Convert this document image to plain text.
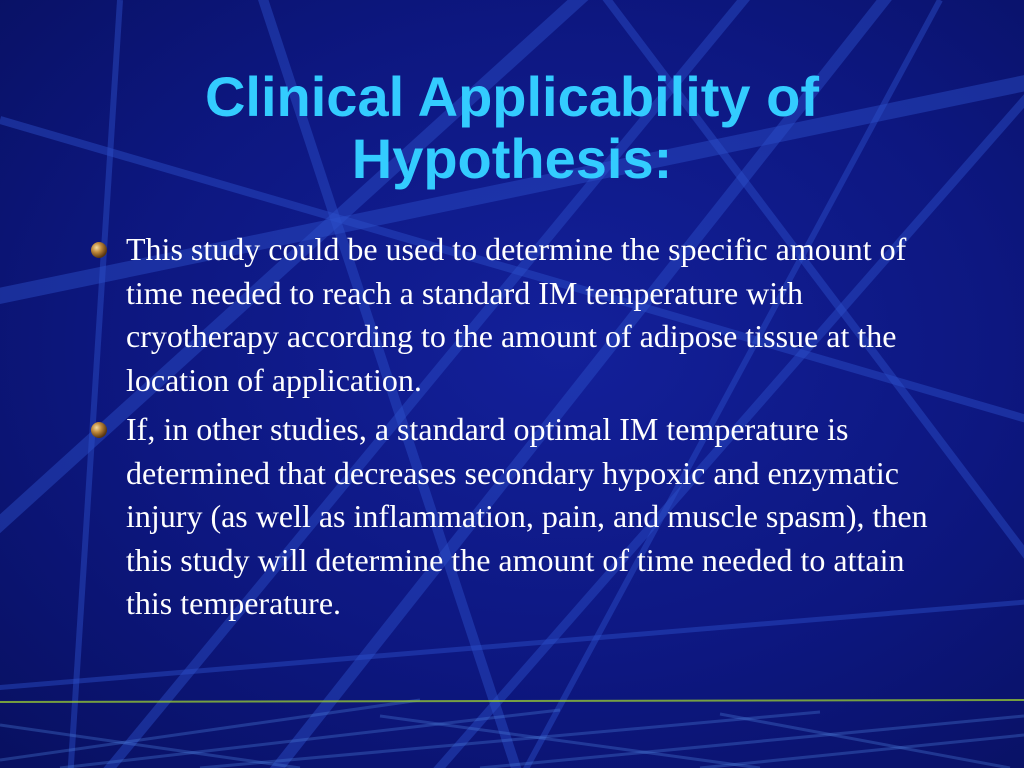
Clinical Applicability of
Hypothesis:
This study could be used to determine the specific amount of time needed to reach a standard IM temperature with cryotherapy according to the amount of adipose tissue at the location of application.
If, in other studies, a standard optimal IM temperature is determined that decreases secondary hypoxic and enzymatic injury (as well as inflammation, pain, and muscle spasm), then this study will determine the amount of time needed to attain this temperature.
